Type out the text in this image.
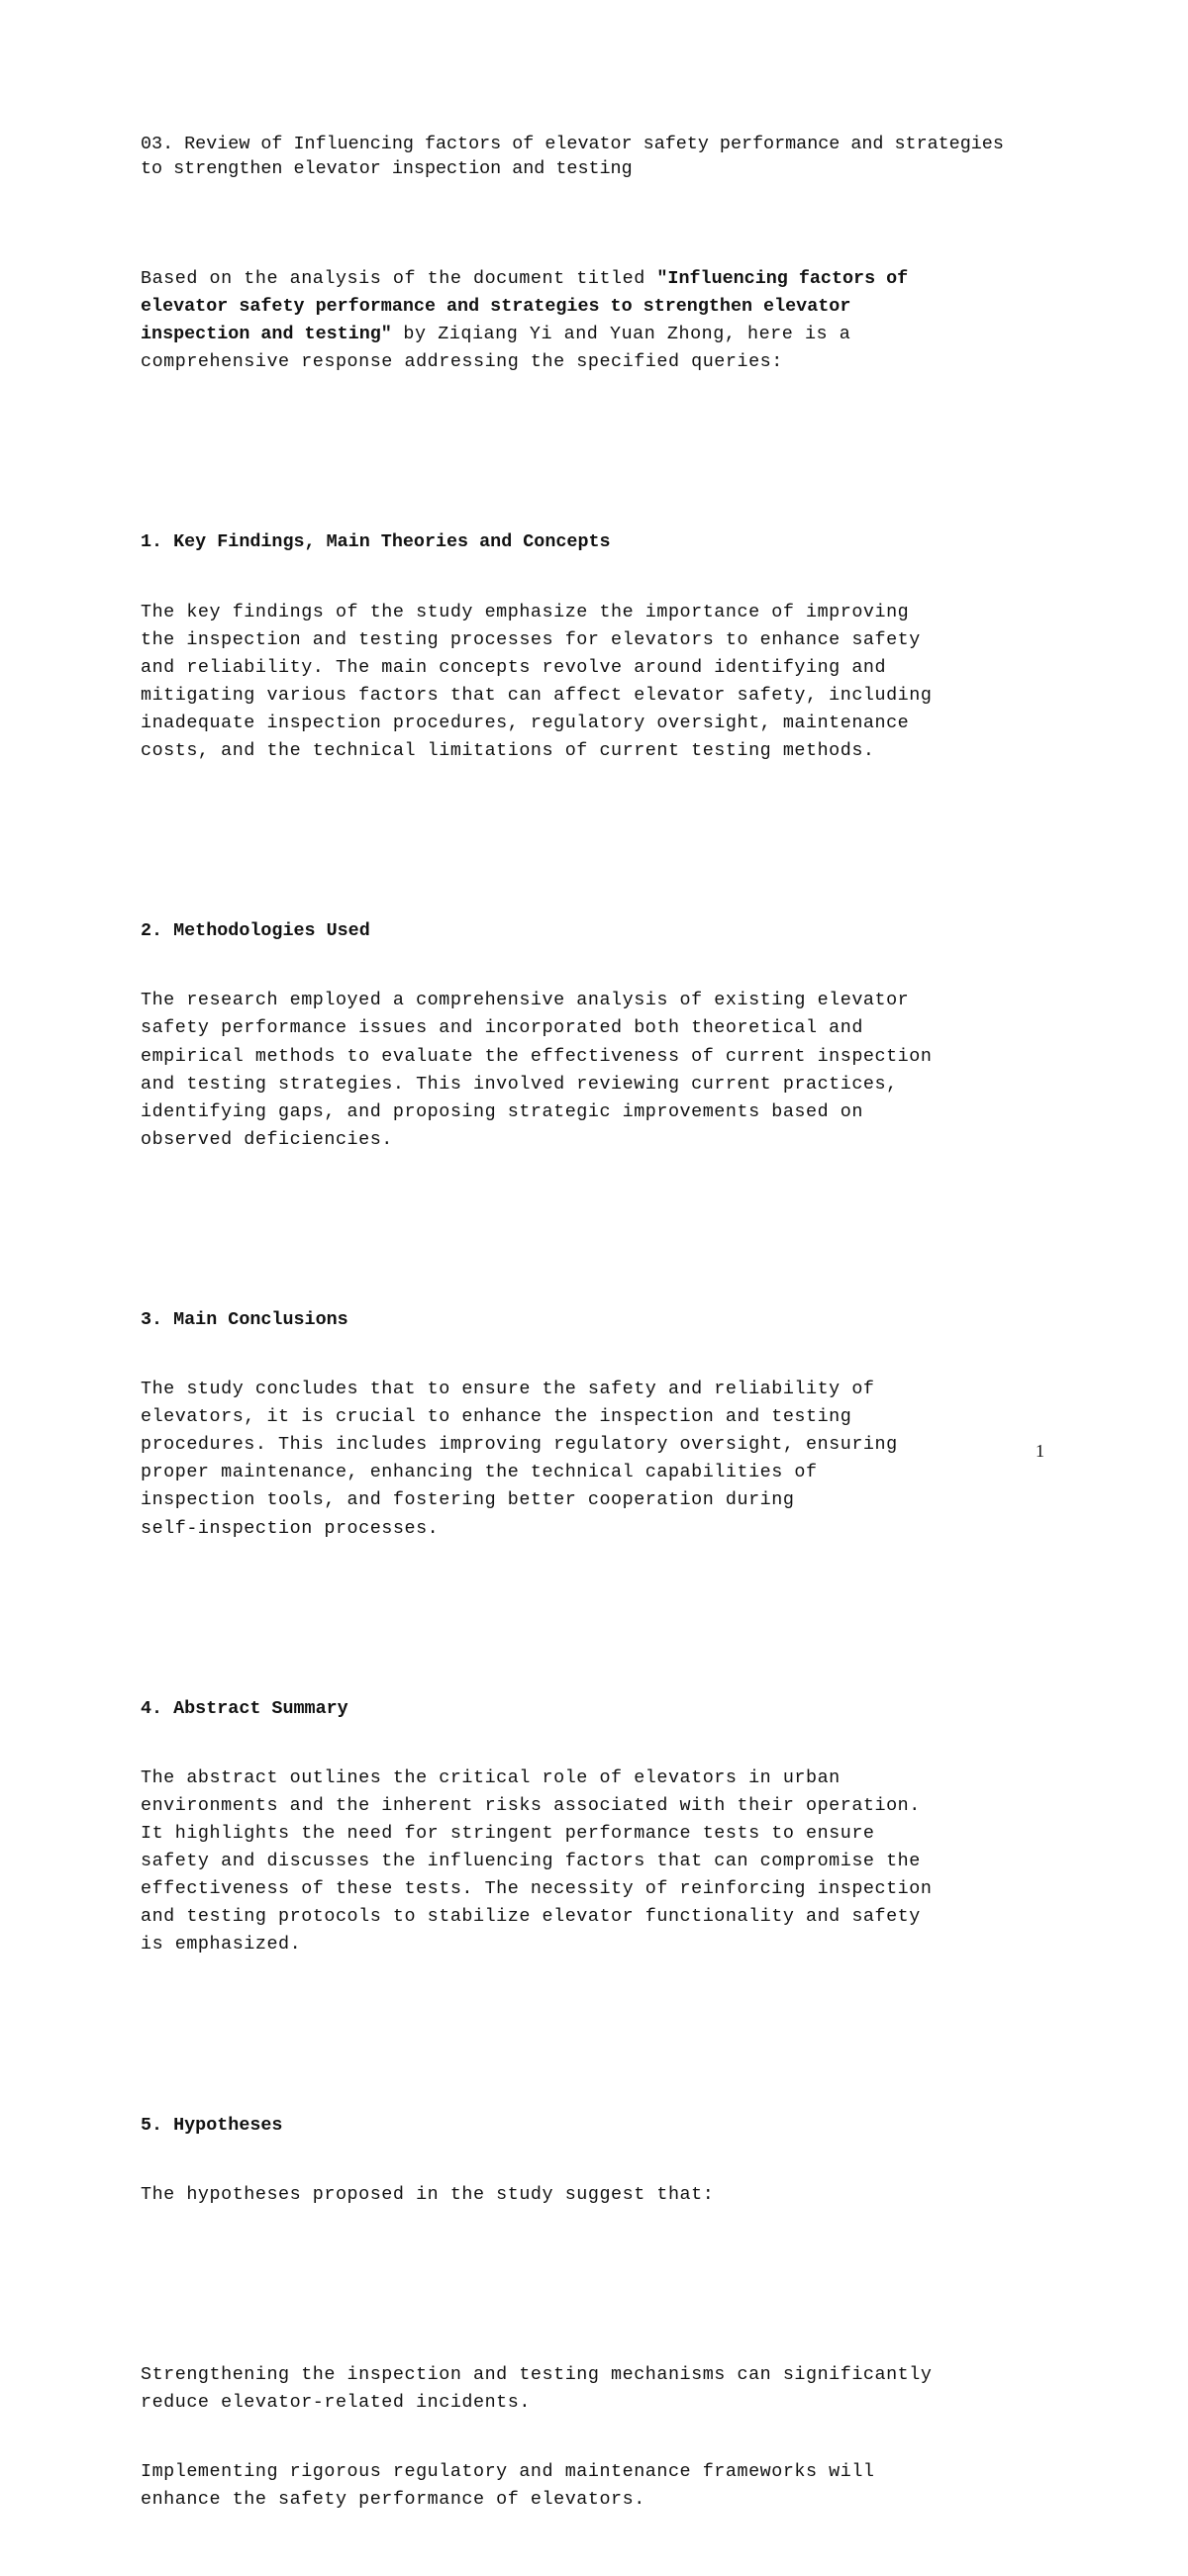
03. Review of Influencing factors of elevator safety performance and strategies
to strengthen elevator inspection and testing

Based on the analysis of the document titled "Influencing factors of
elevator safety performance and strategies to strengthen elevator
inspection and testing" by Ziqiang Yi and Yuan Zhong, here is a
comprehensive response addressing the specified queries:

1. Key Findings, Main Theories and Concepts

The key findings of the study emphasize the importance of improving
the inspection and testing processes for elevators to enhance safety
and reliability. The main concepts revolve around identifying and
mitigating various factors that can affect elevator safety, including
inadequate inspection procedures, regulatory oversight, maintenance
costs, and the technical limitations of current testing methods.

2. Methodologies Used

The research employed a comprehensive analysis of existing elevator
safety performance issues and incorporated both theoretical and
empirical methods to evaluate the effectiveness of current inspection
and testing strategies. This involved reviewing current practices,
identifying gaps, and proposing strategic improvements based on
observed deficiencies.

3. Main Conclusions

The study concludes that to ensure the safety and reliability of
elevators, it is crucial to enhance the inspection and testing
procedures. This includes improving regulatory oversight, ensuring
proper maintenance, enhancing the technical capabilities of
inspection tools, and fostering better cooperation during
self-inspection processes.

4. Abstract Summary

The abstract outlines the critical role of elevators in urban
environments and the inherent risks associated with their operation.
It highlights the need for stringent performance tests to ensure
safety and discusses the influencing factors that can compromise the
effectiveness of these tests. The necessity of reinforcing inspection
and testing protocols to stabilize elevator functionality and safety
is emphasized.

5. Hypotheses

The hypotheses proposed in the study suggest that:

Strengthening the inspection and testing mechanisms can significantly
reduce elevator-related incidents.

Implementing rigorous regulatory and maintenance frameworks will
enhance the safety performance of elevators.

1
